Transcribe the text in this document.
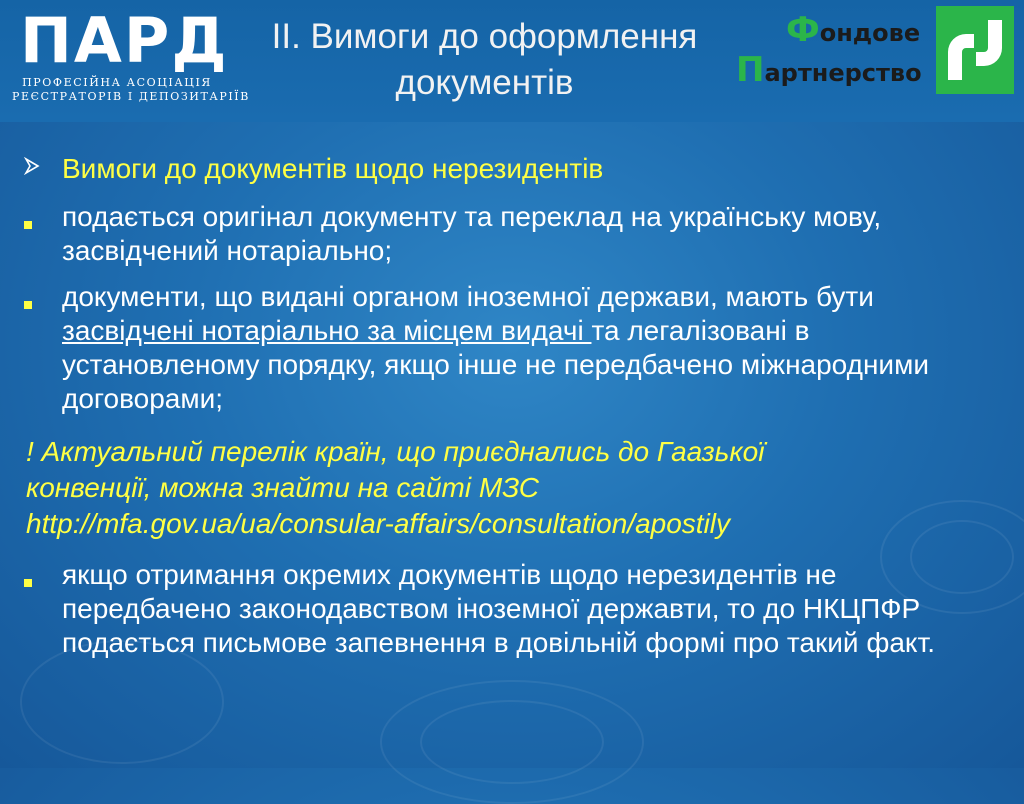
ПАРД
ПРОФЕСІЙНА АСОЦІАЦІЯ
РЕЄСТРАТОРІВ І ДЕПОЗИТАРІЇВ
ІІ. Вимоги до оформлення
документів
Фондове
Партнерство
Вимоги до документів щодо нерезидентів
подається оригінал документу та переклад на українську мову, засвідчений нотаріально;
документи, що видані органом іноземної держави, мають бути засвідчені нотаріально за місцем видачі та легалізовані в установленому порядку, якщо інше не передбачено міжнародними договорами;
! Актуальний перелік країн, що приєднались до Гаазької
конвенції, можна знайти на сайті МЗС
http://mfa.gov.ua/ua/consular-affairs/consultation/apostily
якщо отримання окремих документів щодо нерезидентів не передбачено законодавством іноземної державти, то до НКЦПФР подається письмове запевнення в довільній формі про такий факт.
